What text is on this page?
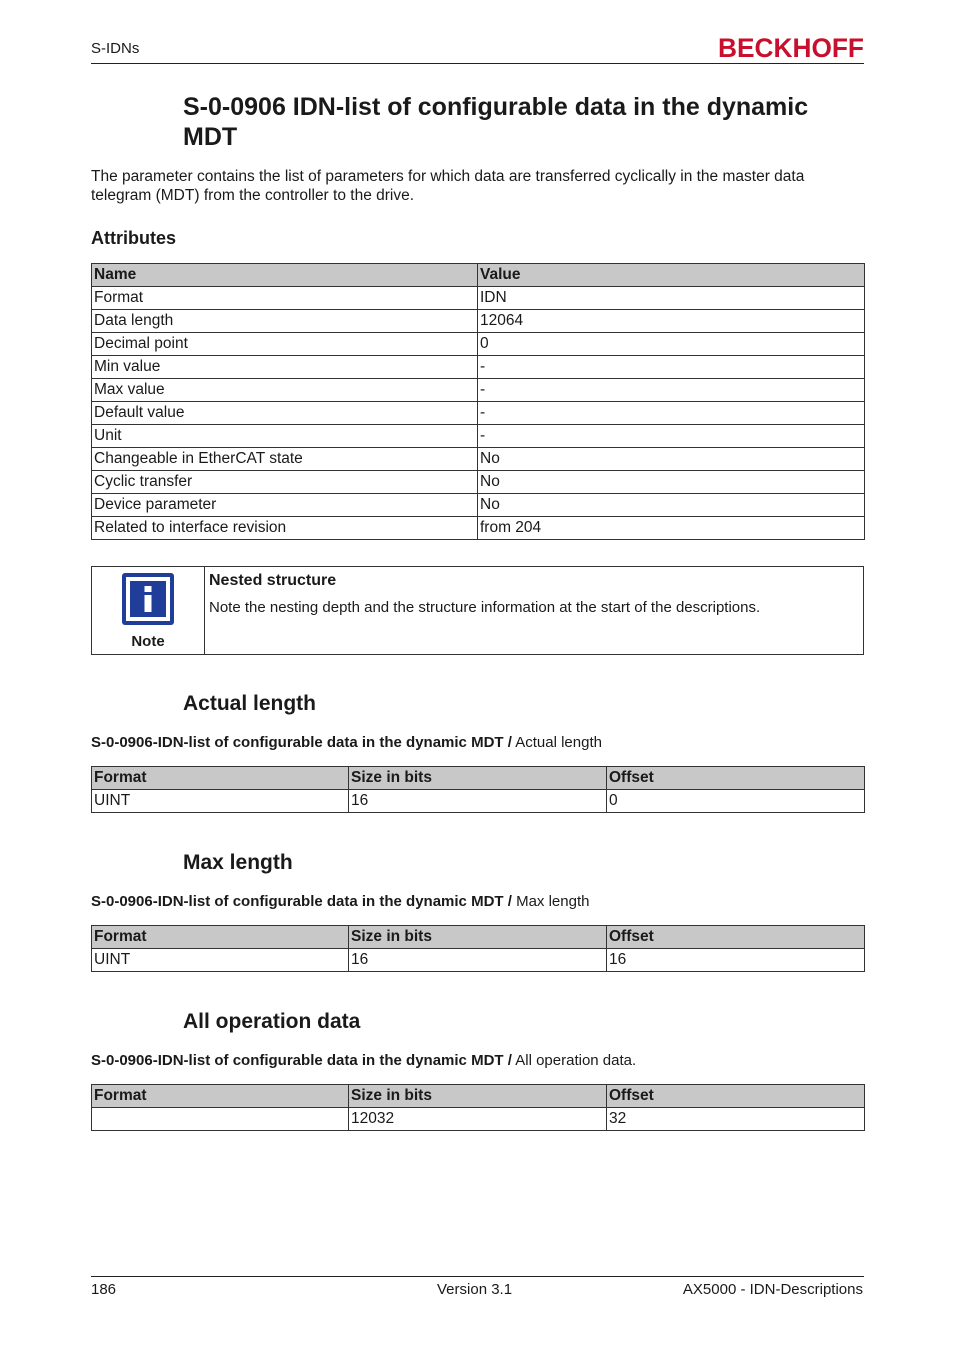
S-IDNs	BECKHOFF
S-0-0906 IDN-list of configurable data in the dynamic MDT
The parameter contains the list of parameters for which data are transferred cyclically in the master data telegram (MDT) from the controller to the drive.
Attributes
Name	Value
Format	IDN
Data length	12064
Decimal point	0
Min value	-
Max value	-
Default value	-
Unit	-
Changeable in EtherCAT state	No
Cyclic transfer	No
Device parameter	No
Related to interface revision	from 204
Note
Nested structure
Note the nesting depth and the structure information at the start of the descriptions.
Actual length
S-0-0906-IDN-list of configurable data in the dynamic MDT / Actual length
Format	Size in bits	Offset
UINT	16	0
Max length
S-0-0906-IDN-list of configurable data in the dynamic MDT / Max length
Format	Size in bits	Offset
UINT	16	16
All operation data
S-0-0906-IDN-list of configurable data in the dynamic MDT / All operation data.
Format	Size in bits	Offset
	12032	32
186	Version 3.1	AX5000 - IDN-Descriptions
